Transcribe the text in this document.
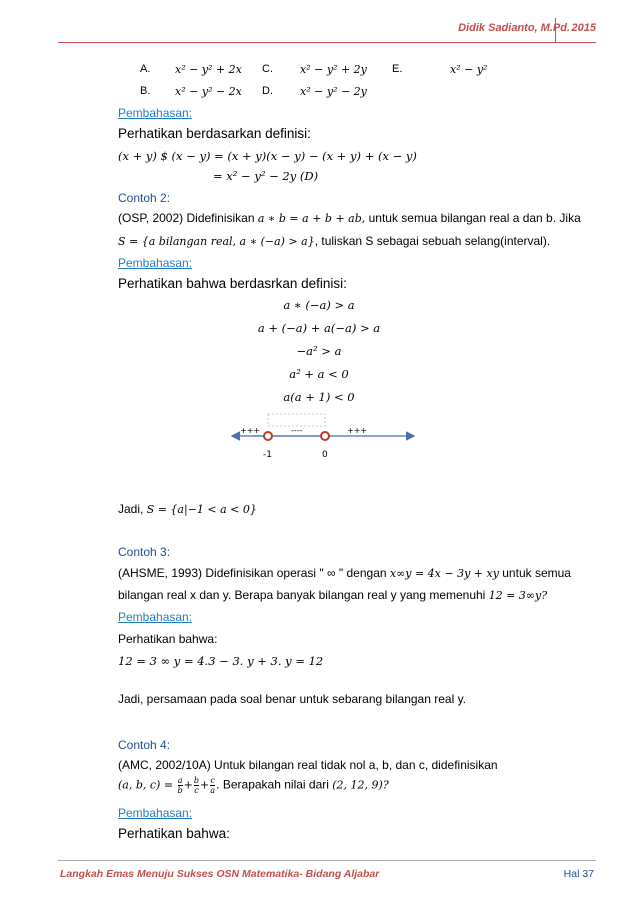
Didik Sadianto, M.Pd. 2015
A. x² − y² + 2x C. x² − y² + 2y E.	x² − y²
B. x² − y² − 2x D. x² − y² − 2y
Pembahasan:
Perhatikan berdasarkan definisi:
(x + y) $ (x − y) = (x + y)(x − y) − (x + y) + (x − y)
= x² − y² − 2y (D)
Contoh 2:
(OSP, 2002) Didefinisikan a ∗ b = a + b + ab, untuk semua bilangan real a dan b. Jika
S = {a bilangan real, a ∗ (−a) > a}, tuliskan S sebagai sebuah selang(interval).
Pembahasan:
Perhatikan bahwa berdasrkan definisi:
a ∗ (−a) > a
a + (−a) + a(−a) > a
−a² > a
a² + a < 0
a(a + 1) < 0
+++	----	+++
-1	0
Jadi, S = {a|−1 < a < 0}
Contoh 3:
(AHSME, 1993) Didefinisikan operasi " ∞ " dengan x∞y = 4x − 3y + xy untuk semua
bilangan real x dan y. Berapa banyak bilangan real y yang memenuhi 12 = 3∞y?
Pembahasan:
Perhatikan bahwa:
12 = 3 ∞ y = 4.3 − 3. y + 3. y = 12
Jadi, persamaan pada soal benar untuk sebarang bilangan real y.
Contoh 4:
(AMC, 2002/10A) Untuk bilangan real tidak nol a, b, dan c, didefinisikan
(a, b, $c) = \frac{a}{b} + \frac{b}{c} + \frac{c}{a}$ . Berapakah nilai dari (2, 12, 9)?
Pembahasan:
Perhatikan bahwa:
Langkah Emas Menuju Sukses OSN Matematika- Bidang Aljabar	Hal 37
